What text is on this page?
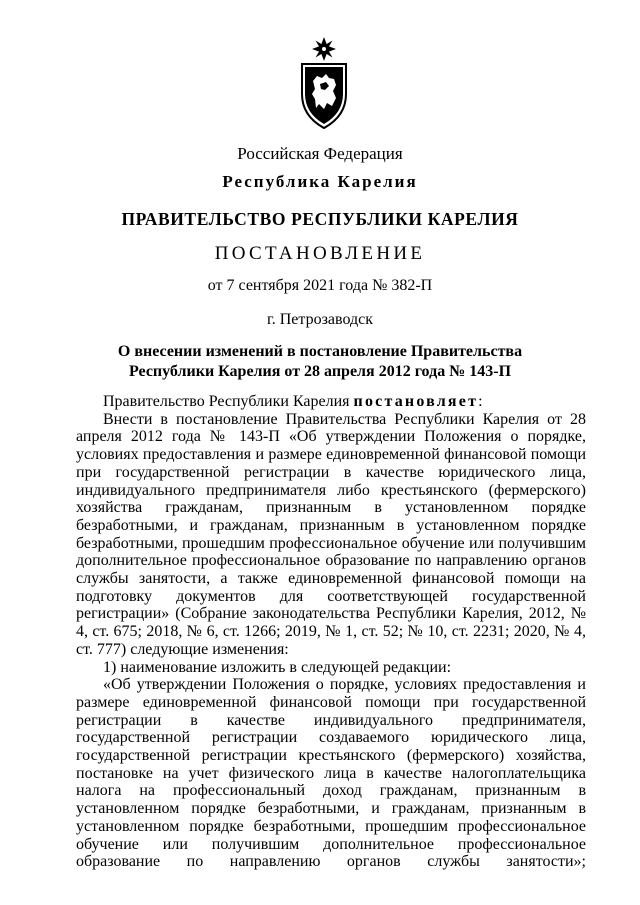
Российская Федерация
Республика Карелия
ПРАВИТЕЛЬСТВО РЕСПУБЛИКИ КАРЕЛИЯ
ПОСТАНОВЛЕНИЕ
от 7 сентября 2021 года № 382-П
г. Петрозаводск
О внесении изменений в постановление Правительства
Республики Карелия от 28 апреля 2012 года № 143-П

Правительство Республики Карелия постановляет:

Внести в постановление Правительства Республики Карелия от 28 апреля 2012 года № 143-П «Об утверждении Положения о порядке, условиях предоставления и размере единовременной финансовой помощи при государственной регистрации в качестве юридического лица, индивидуального предпринимателя либо крестьянского (фермерского) хозяйства гражданам, признанным в установленном порядке безработными, и гражданам, признанным в установленном порядке безработными, прошедшим профессиональное обучение или получившим дополнительное профессиональное образование по направлению органов службы занятости, а также единовременной финансовой помощи на подготовку документов для соответствующей государственной регистрации» (Собрание законодательства Республики Карелия, 2012, № 4, ст. 675; 2018, № 6, ст. 1266; 2019, № 1, ст. 52; № 10, ст. 2231; 2020, № 4, ст. 777) следующие изменения:

1) наименование изложить в следующей редакции:

«Об утверждении Положения о порядке, условиях предоставления и размере единовременной финансовой помощи при государственной регистрации в качестве индивидуального предпринимателя, государственной регистрации создаваемого юридического лица, государственной регистрации крестьянского (фермерского) хозяйства, постановке на учет физического лица в качестве налогоплательщика налога на профессиональный доход гражданам, признанным в установленном порядке безработными, и гражданам, признанным в установленном порядке безработными, прошедшим профессиональное обучение или получившим дополнительное профессиональное образование по направлению органов службы занятости»;
